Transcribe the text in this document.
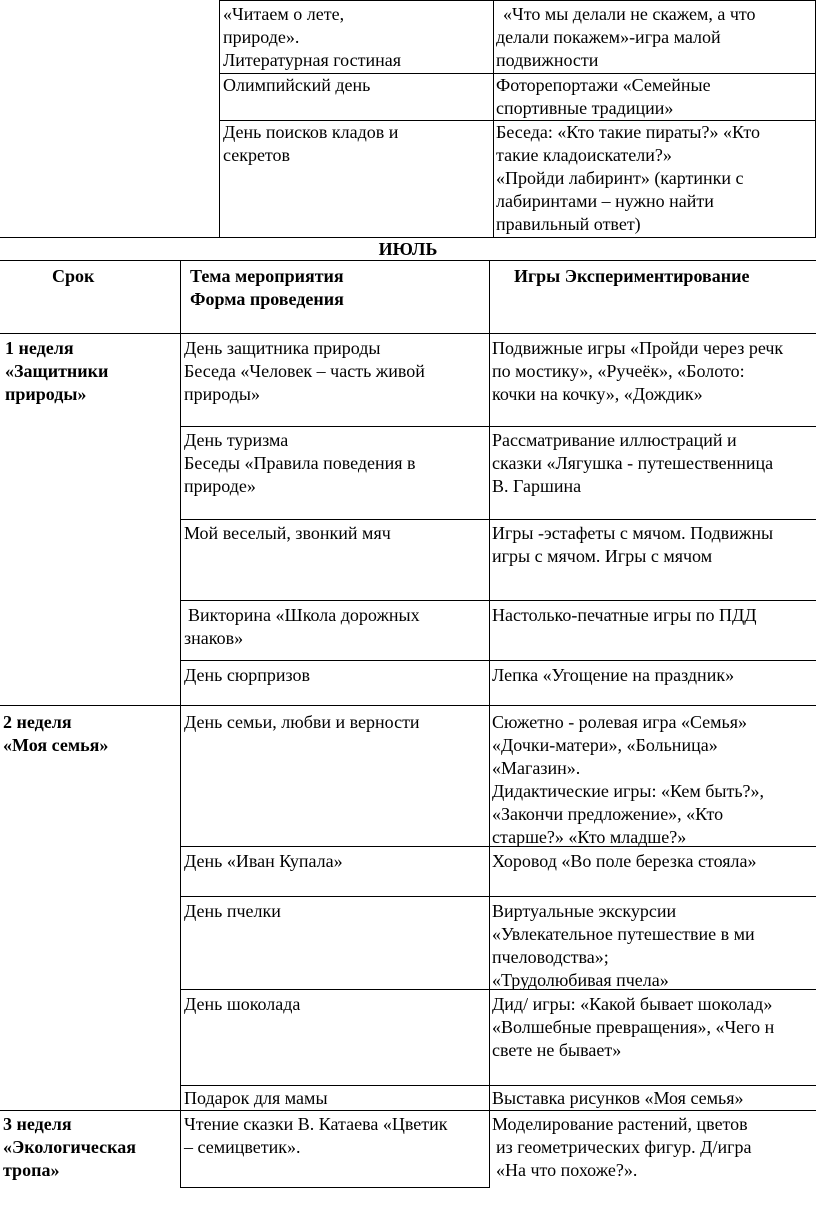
«Читаем о лете,
природе».
Литературная гостиная
«Что мы делали не скажем, а что
делали покажем»-игра малой
подвижности
Олимпийский день	Фоторепортажи «Семейные
спортивные традиции»
День поисков кладов и
секретов
Беседа: «Кто такие пираты?» «Кто
такие кладоискатели?»
«Пройди лабиринт» (картинки с
лабиринтами – нужно найти
правильный ответ)
ИЮЛЬ
Срок	Тема мероприятия
Форма проведения
Игры Экспериментирование
1 неделя
«Защитники
природы»
2 неделя
«Моя семья»
3 неделя
«Экологическая
тропа»
День защитника природы
Беседа «Человек – часть живой
природы»
День туризма
Беседы «Правила поведения в
природе»
Мой веселый, звонкий мяч
Викторина «Школа дорожных
знаков»
День сюрпризов
День семьи, любви и верности
День «Иван Купала»
День пчелки
День шоколада
Подарок для мамы
Чтение сказки В. Катаева «Цветик
– семицветик».
Подвижные игры «Пройди через речк
по мостику», «Ручеёк», «Болото:
кочки на кочку», «Дождик»
Рассматривание иллюстраций и
сказки «Лягушка - путешественница
В. Гаршина
Игры -эстафеты с мячом. Подвижны
игры с мячом. Игры с мячом
Настолько-печатные игры по ПДД
Лепка «Угощение на праздник»
Сюжетно - ролевая игра «Семья»
«Дочки-матери», «Больница»
«Магазин».
Дидактические игры: «Кем быть?»,
«Закончи предложение», «Кто
старше?» «Кто младше?»
Хоровод «Во поле березка стояла»
Виртуальные экскурсии
«Увлекательное путешествие в ми
пчеловодства»;
«Трудолюбивая пчела»
Дид/ игры: «Какой бывает шоколад»
«Волшебные превращения», «Чего н
свете не бывает»
Выставка рисунков «Моя семья»
Моделирование растений, цветов
из геометрических фигур. Д/игра
«На что похоже?».
